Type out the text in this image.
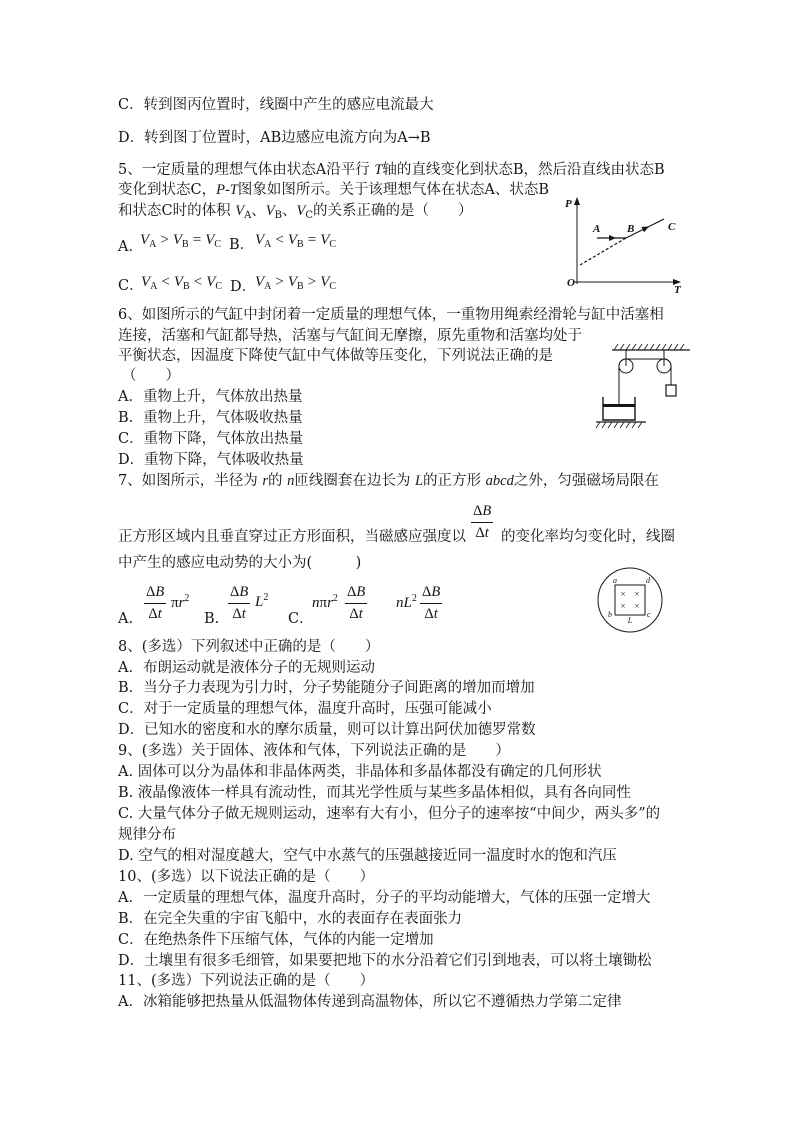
C．转到图丙位置时，线圈中产生的感应电流最大
D．转到图丁位置时，AB边感应电流方向为A→B
5、一定质量的理想气体由状态A沿平行 T轴的直线变化到状态B，然后沿直线由状态B
变化到状态C，P-T图象如图所示。关于该理想气体在状态A、状态B
和状态C时的体积 $V_A$、$V_B$、$V_C$的关系正确的是（　　）
A．
$V_A > V_B = V_C$ B． $V_A < V_B = V_C$
C．
$V_A < V_B < V_C$ D．
$V_A > V_B > V_C$
P
O
T
A B	C
6、如图所示的气缸中封闭着一定质量的理想气体，一重物用绳索经滑轮与缸中活塞相
连接，活塞和气缸都导热，活塞与气缸间无摩擦，原先重物和活塞均处于
平衡状态，因温度下降使气缸中气体做等压变化，下列说法正确的是
（　　）
A．重物上升，气体放出热量
B．重物上升，气体吸收热量
C．重物下降，气体放出热量
D．重物下降，气体吸收热量
7、如图所示，半径为 r的 n匝线圈套在边长为 L的正方形 abcd之外，匀强磁场局限在
正方形区域内且垂直穿过正方形面积，当磁感应强度以 $\frac{\Delta B}{\Delta t}$ 的变化率均匀变化时，线圈
中产生的感应电动势的大小为(　　　)
A. $\frac{\Delta B}{\Delta t} \pi r^2$
B. $\frac{\Delta B}{\Delta t} L^2$
C．
$n\pi r^2 \frac{\Delta B}{\Delta t} nL^2 \frac{\Delta B}{\Delta t}$	× ×
× ×
a	d
b	c
L
8、(多选）下列叙述中正确的是（　　）
A．布朗运动就是液体分子的无规则运动
B．当分子力表现为引力时，分子势能随分子间距离的增加而增加
C．对于一定质量的理想气体，温度升高时，压强可能减小
D．已知水的密度和水的摩尔质量，则可以计算出阿伏加德罗常数
9、(多选）关于固体、液体和气体，下列说法正确的是　　）
A. 固体可以分为晶体和非晶体两类，非晶体和多晶体都没有确定的几何形状
B. 液晶像液体一样具有流动性，而其光学性质与某些多晶体相似，具有各向同性
C. 大量气体分子做无规则运动，速率有大有小，但分子的速率按“中间少，两头多”的
规律分布
D. 空气的相对湿度越大，空气中水蒸气的压强越接近同一温度时水的饱和汽压
10、(多选）以下说法正确的是（　　）
A．一定质量的理想气体，温度升高时，分子的平均动能增大，气体的压强一定增大
B．在完全失重的宇宙飞船中，水的表面存在表面张力
C．在绝热条件下压缩气体，气体的内能一定增加
D．土壤里有很多毛细管，如果要把地下的水分沿着它们引到地表，可以将土壤锄松
11、(多选）下列说法正确的是（　　）
A．冰箱能够把热量从低温物体传递到高温物体，所以它不遵循热力学第二定律
